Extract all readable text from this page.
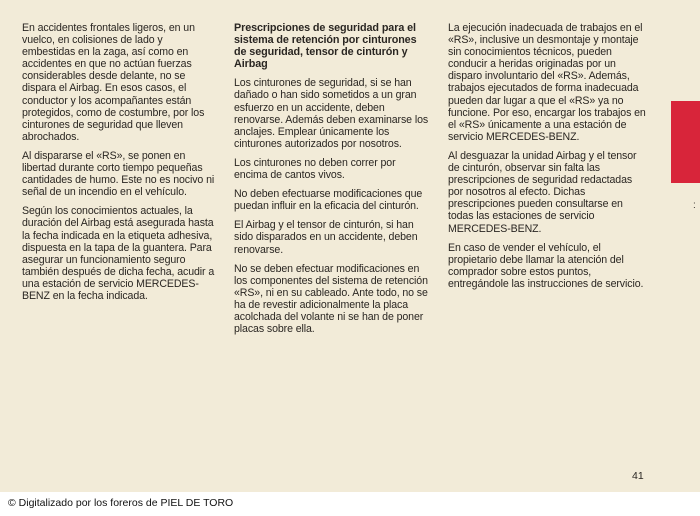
En accidentes frontales ligeros, en un vuelco, en colisiones de lado y embestidas en la zaga, así como en accidentes en que no actúan fuerzas considerables desde delante, no se dispara el Airbag. En esos casos, el conductor y los acompañantes están protegidos, como de costumbre, por los cinturones de seguridad que lleven abrochados.

Al dispararse el «RS», se ponen en libertad durante corto tiempo pequeñas cantidades de humo. Este no es nocivo ni señal de un incendio en el vehículo.

Según los conocimientos actuales, la duración del Airbag está asegurada hasta la fecha indicada en la etiqueta adhesiva, dispuesta en la tapa de la guantera. Para asegurar un funcionamiento seguro también después de dicha fecha, acudir a una estación de servicio MERCEDES-BENZ en la fecha indicada.

Prescripciones de seguridad para el sistema de retención por cinturones de seguridad, tensor de cinturón y Airbag

Los cinturones de seguridad, si se han dañado o han sido sometidos a un gran esfuerzo en un accidente, deben renovarse. Además deben examinarse los anclajes. Emplear únicamente los cinturones autorizados por nosotros.

Los cinturones no deben correr por encima de cantos vivos.

No deben efectuarse modificaciones que puedan influir en la eficacia del cinturón.

El Airbag y el tensor de cinturón, si han sido disparados en un accidente, deben renovarse.

No se deben efectuar modificaciones en los componentes del sistema de retención «RS», ni en su cableado. Ante todo, no se ha de revestir adicionalmente la placa acolchada del volante ni se han de poner placas sobre ella.

La ejecución inadecuada de trabajos en el «RS», inclusive un desmontaje y montaje sin conocimientos técnicos, pueden conducir a heridas originadas por un disparo involuntario del «RS». Además, trabajos ejecutados de forma inadecuada pueden dar lugar a que el «RS» ya no funcione. Por eso, encargar los trabajos en el «RS» únicamente a una estación de servicio MERCEDES-BENZ.

Al desguazar la unidad Airbag y el tensor de cinturón, observar sin falta las prescripciones de seguridad redactadas por nosotros al efecto. Dichas prescripciones pueden consultarse en todas las estaciones de servicio MERCEDES-BENZ.

En caso de vender el vehículo, el propietario debe llamar la atención del comprador sobre estos puntos, entregándole las instrucciones de servicio.

:
41
© Digitalizado por los foreros de PIEL DE TORO
